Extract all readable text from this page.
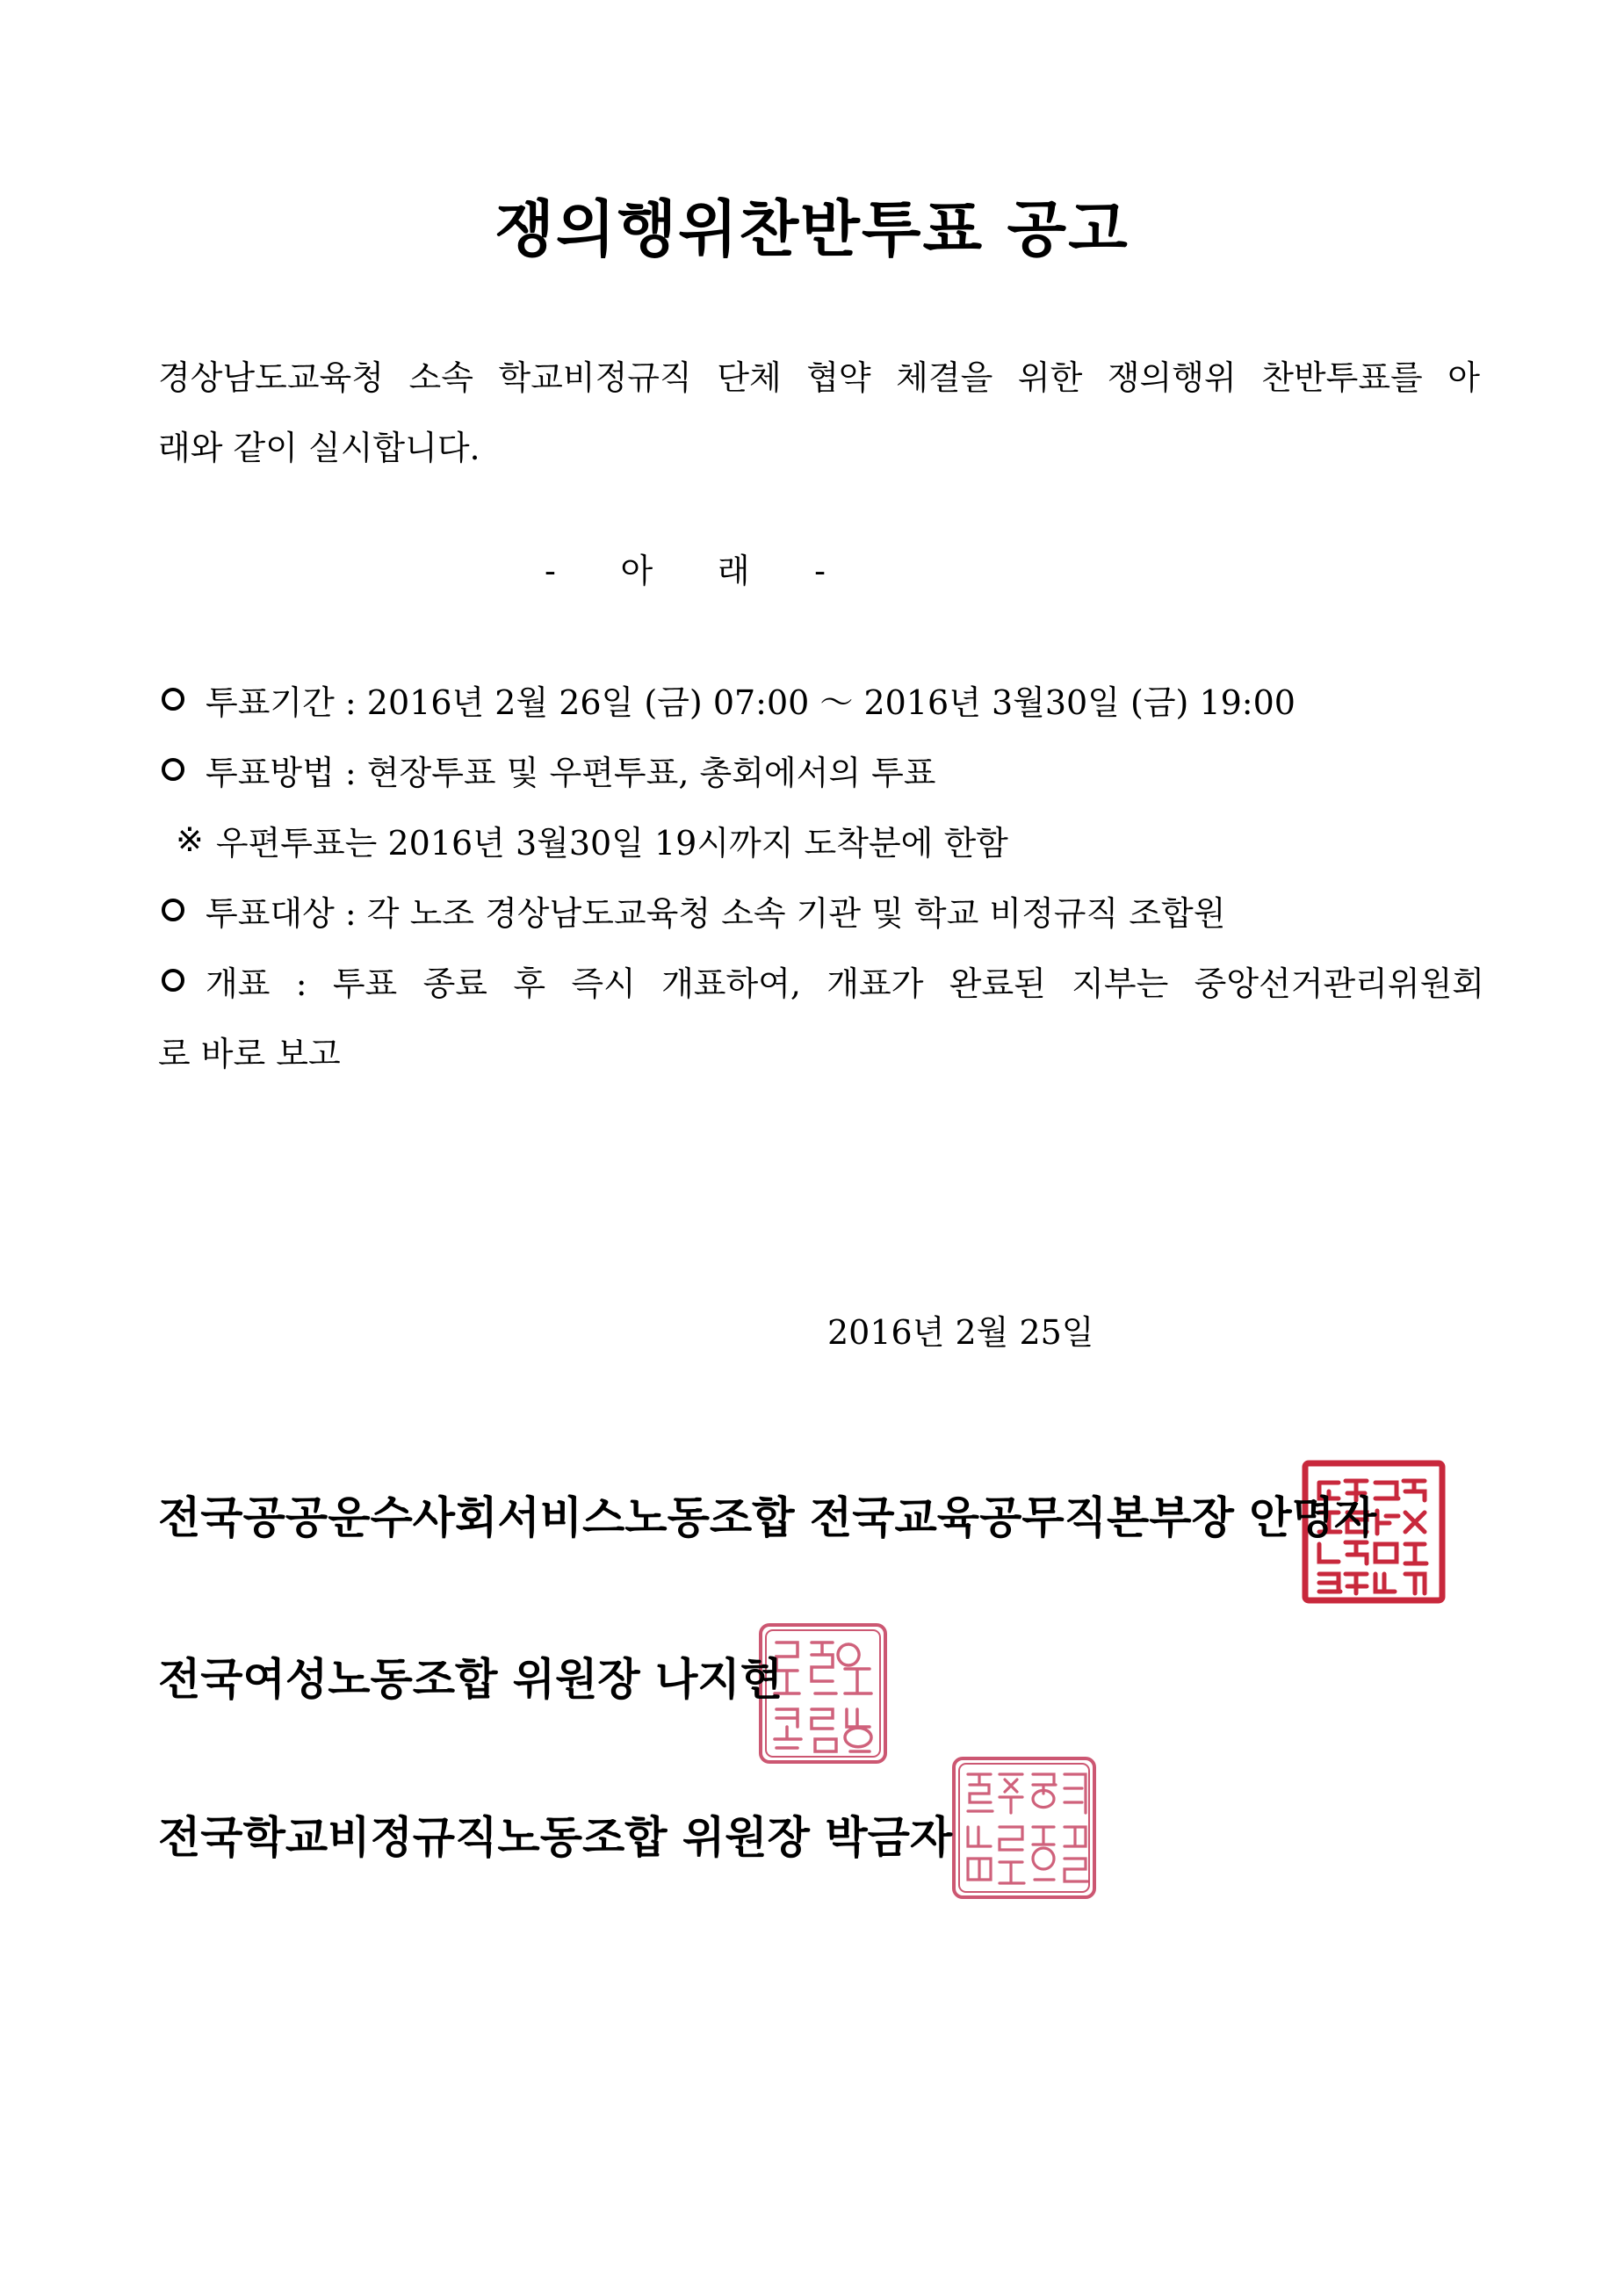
쟁의행위찬반투표 공고
경상남도교육청 소속 학교비정규직 단체 협약 체결을 위한 쟁의행위 찬반투표를 아
래와 같이 실시합니다.
- 아 래 -
투표기간 : 2016년 2월 26일 (금) 07:00 ～ 2016년 3월30일 (금) 19:00
투표방법 : 현장투표 및 우편투표, 총회에서의 투표
※ 우편투표는 2016년 3월30일 19시까지 도착분에 한함
투표대상 : 각 노조 경상남도교육청 소속 기관 및 학교 비정규직 조합원
개표 : 투표 종료 후 즉시 개표하여, 개표가 완료된 지부는 중앙선거관리위원회
로 바로 보고
2016년 2월 25일
전국공공운수사회서비스노동조합 전국교육공무직본부장 안명자
전국여성노동조합 위원장 나지현
전국학교비정규직노동조합 위원장 박금자
